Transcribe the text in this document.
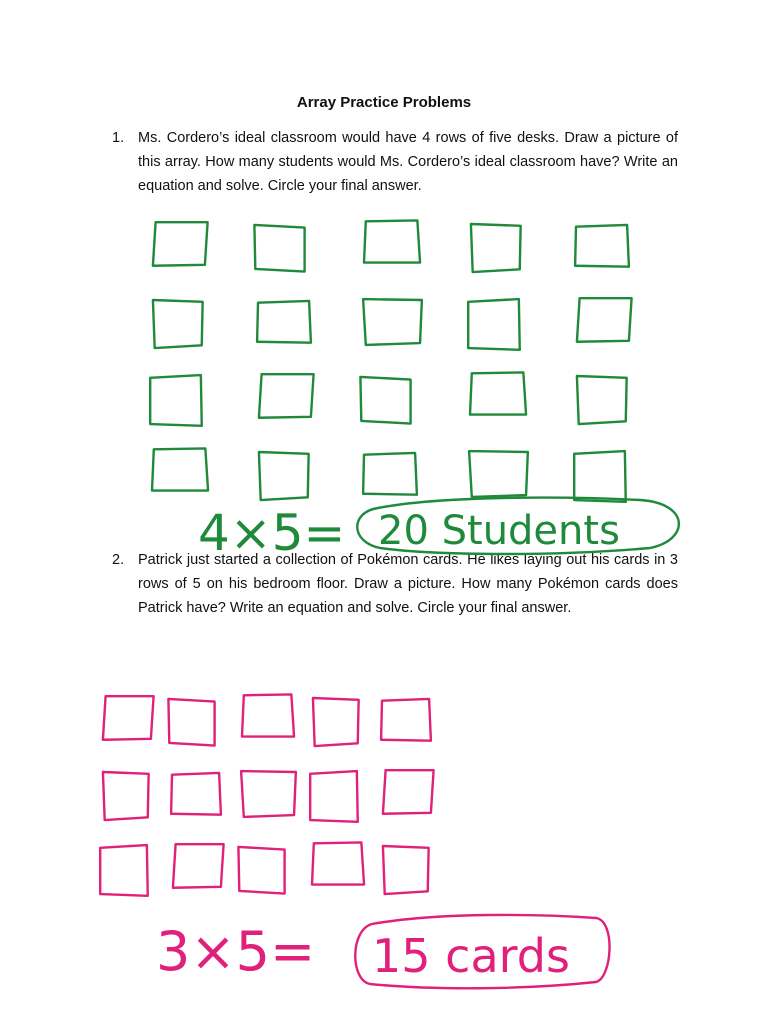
Array Practice Problems
1. Ms. Cordero’s ideal classroom would have 4 rows of five desks. Draw a picture of this array. How many students would Ms. Cordero’s ideal classroom have? Write an equation and solve. Circle your final answer.
2. Patrick just started a collection of Pokémon cards. He likes laying out his cards in 3 rows of 5 on his bedroom floor. Draw a picture. How many Pokémon cards does Patrick have? Write an equation and solve. Circle your final answer.
4×5= 20 Students
3×5= 15 cards
